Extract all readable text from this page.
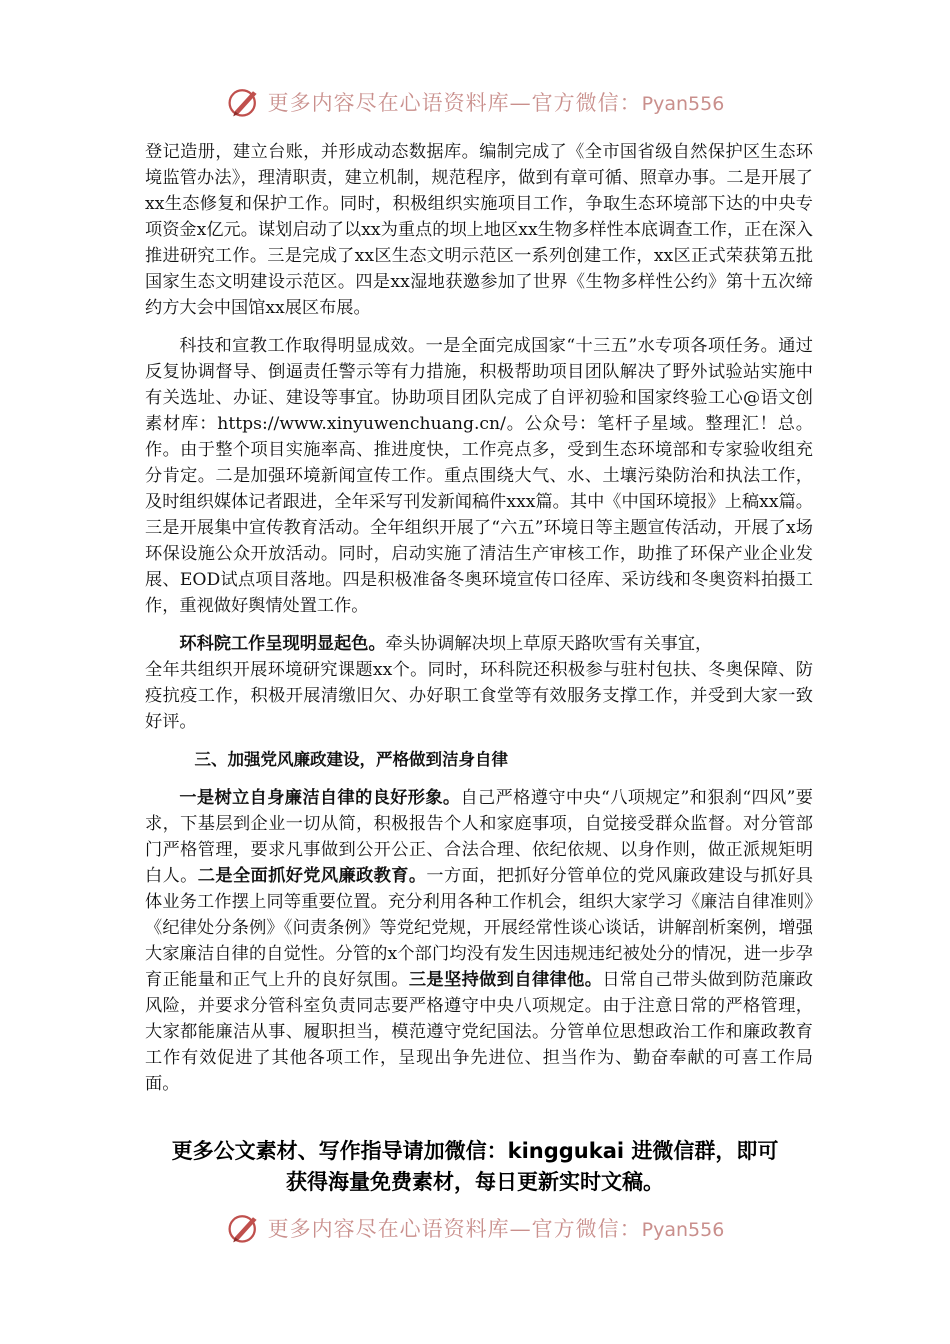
更多内容尽在心语资料库—官方微信：Pyan556

登记造册，建立台账，并形成动态数据库。编制完成了《全市国省级自然保护区生态环境监管办法》，理清职责，建立机制，规范程序，做到有章可循、照章办事。二是开展了xx生态修复和保护工作。同时，积极组织实施项目工作，争取生态环境部下达的中央专项资金x亿元。谋划启动了以xx为重点的坝上地区xx生物多样性本底调查工作，正在深入推进研究工作。三是完成了xx区生态文明示范区一系列创建工作，xx区正式荣获第五批国家生态文明建设示范区。四是xx湿地获邀参加了世界《生物多样性公约》第十五次缔约方大会中国馆xx展区布展。

科技和宣教工作取得明显成效。一是全面完成国家“十三五”水专项各项任务。通过反复协调督导、倒逼责任警示等有力措施，积极帮助项目团队解决了野外试验站实施中有关选址、办证、建设等事宜。协助项目团队完成了自评初验和国家终验工心@语文创素材库：https://www.xinyuwenchuang.cn/。公众号：笔杆子星域。整理汇！总。作。由于整个项目实施率高、推进度快，工作亮点多，受到生态环境部和专家验收组充分肯定。二是加强环境新闻宣传工作。重点围绕大气、水、土壤污染防治和执法工作，及时组织媒体记者跟进，全年采写刊发新闻稿件xxx篇。其中《中国环境报》上稿xx篇。三是开展集中宣传教育活动。全年组织开展了“六五”环境日等主题宣传活动，开展了x场环保设施公众开放活动。同时，启动实施了清洁生产审核工作，助推了环保产业企业发展、EOD试点项目落地。四是积极准备冬奥环境宣传口径库、采访线和冬奥资料拍摄工作，重视做好舆情处置工作。

环科院工作呈现明显起色。牵头协调解决坝上草原天路吹雪有关事宜，
全年共组织开展环境研究课题xx个。同时，环科院还积极参与驻村包扶、冬奥保障、防疫抗疫工作，积极开展清缴旧欠、办好职工食堂等有效服务支撑工作，并受到大家一致好评。

三、加强党风廉政建设，严格做到洁身自律

一是树立自身廉洁自律的良好形象。自己严格遵守中央“八项规定”和狠刹“四风”要求，下基层到企业一切从简，积极报告个人和家庭事项，自觉接受群众监督。对分管部门严格管理，要求凡事做到公开公正、合法合理、依纪依规、以身作则，做正派规矩明白人。二是全面抓好党风廉政教育。一方面，把抓好分管单位的党风廉政建设与抓好具体业务工作摆上同等重要位置。充分利用各种工作机会，组织大家学习《廉洁自律准则》《纪律处分条例》《问责条例》等党纪党规，开展经常性谈心谈话，讲解剖析案例，增强大家廉洁自律的自觉性。分管的x个部门均没有发生因违规违纪被处分的情况，进一步孕育正能量和正气上升的良好氛围。三是坚持做到自律律他。日常自己带头做到防范廉政风险，并要求分管科室负责同志要严格遵守中央八项规定。由于注意日常的严格管理，大家都能廉洁从事、履职担当，模范遵守党纪国法。分管单位思想政治工作和廉政教育工作有效促进了其他各项工作，呈现出争先进位、担当作为、勤奋奉献的可喜工作局面。

更多公文素材、写作指导请加微信：kinggukai 进微信群，即可
获得海量免费素材，每日更新实时文稿。
更多内容尽在心语资料库—官方微信：Pyan556
